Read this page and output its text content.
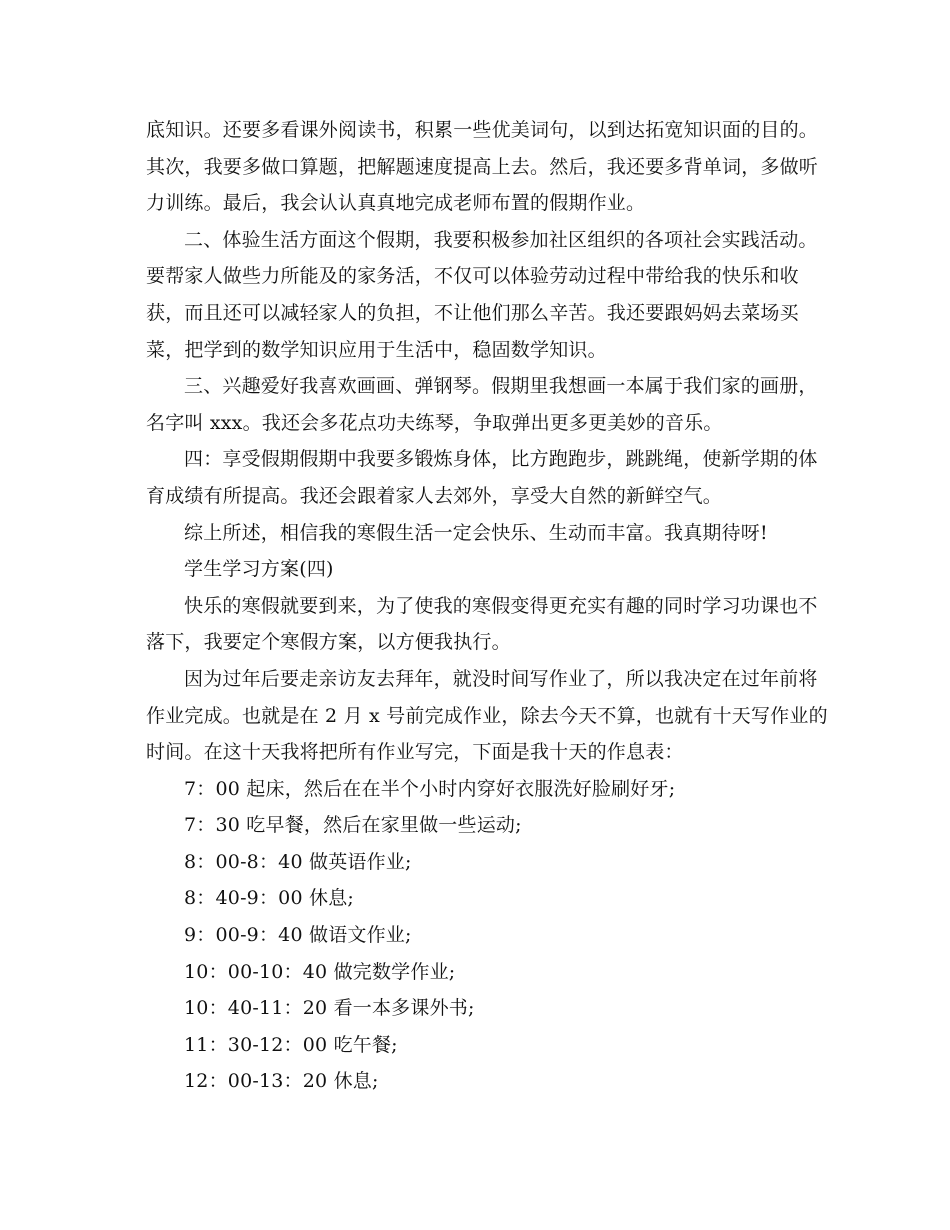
底知识。还要多看课外阅读书，积累一些优美词句，以到达拓宽知识面的目的。
其次，我要多做口算题，把解题速度提高上去。然后，我还要多背单词，多做听
力训练。最后，我会认认真真地完成老师布置的假期作业。
二、体验生活方面这个假期，我要积极参加社区组织的各项社会实践活动。
要帮家人做些力所能及的家务活，不仅可以体验劳动过程中带给我的快乐和收
获，而且还可以减轻家人的负担，不让他们那么辛苦。我还要跟妈妈去菜场买
菜，把学到的数学知识应用于生活中，稳固数学知识。
三、兴趣爱好我喜欢画画、弹钢琴。假期里我想画一本属于我们家的画册，
名字叫 xxx。我还会多花点功夫练琴，争取弹出更多更美妙的音乐。
四：享受假期假期中我要多锻炼身体，比方跑跑步，跳跳绳，使新学期的体
育成绩有所提高。我还会跟着家人去郊外，享受大自然的新鲜空气。
综上所述，相信我的寒假生活一定会快乐、生动而丰富。我真期待呀!
学生学习方案(四)
快乐的寒假就要到来，为了使我的寒假变得更充实有趣的同时学习功课也不
落下，我要定个寒假方案，以方便我执行。
因为过年后要走亲访友去拜年，就没时间写作业了，所以我决定在过年前将
作业完成。也就是在 2 月 x 号前完成作业，除去今天不算，也就有十天写作业的
时间。在这十天我将把所有作业写完，下面是我十天的作息表：
7：00 起床，然后在在半个小时内穿好衣服洗好脸刷好牙;
7：30 吃早餐，然后在家里做一些运动;
8：00-8：40 做英语作业;
8：40-9：00 休息;
9：00-9：40 做语文作业;
10：00-10：40 做完数学作业;
10：40-11：20 看一本多课外书;
11：30-12：00 吃午餐;
12：00-13：20 休息;
